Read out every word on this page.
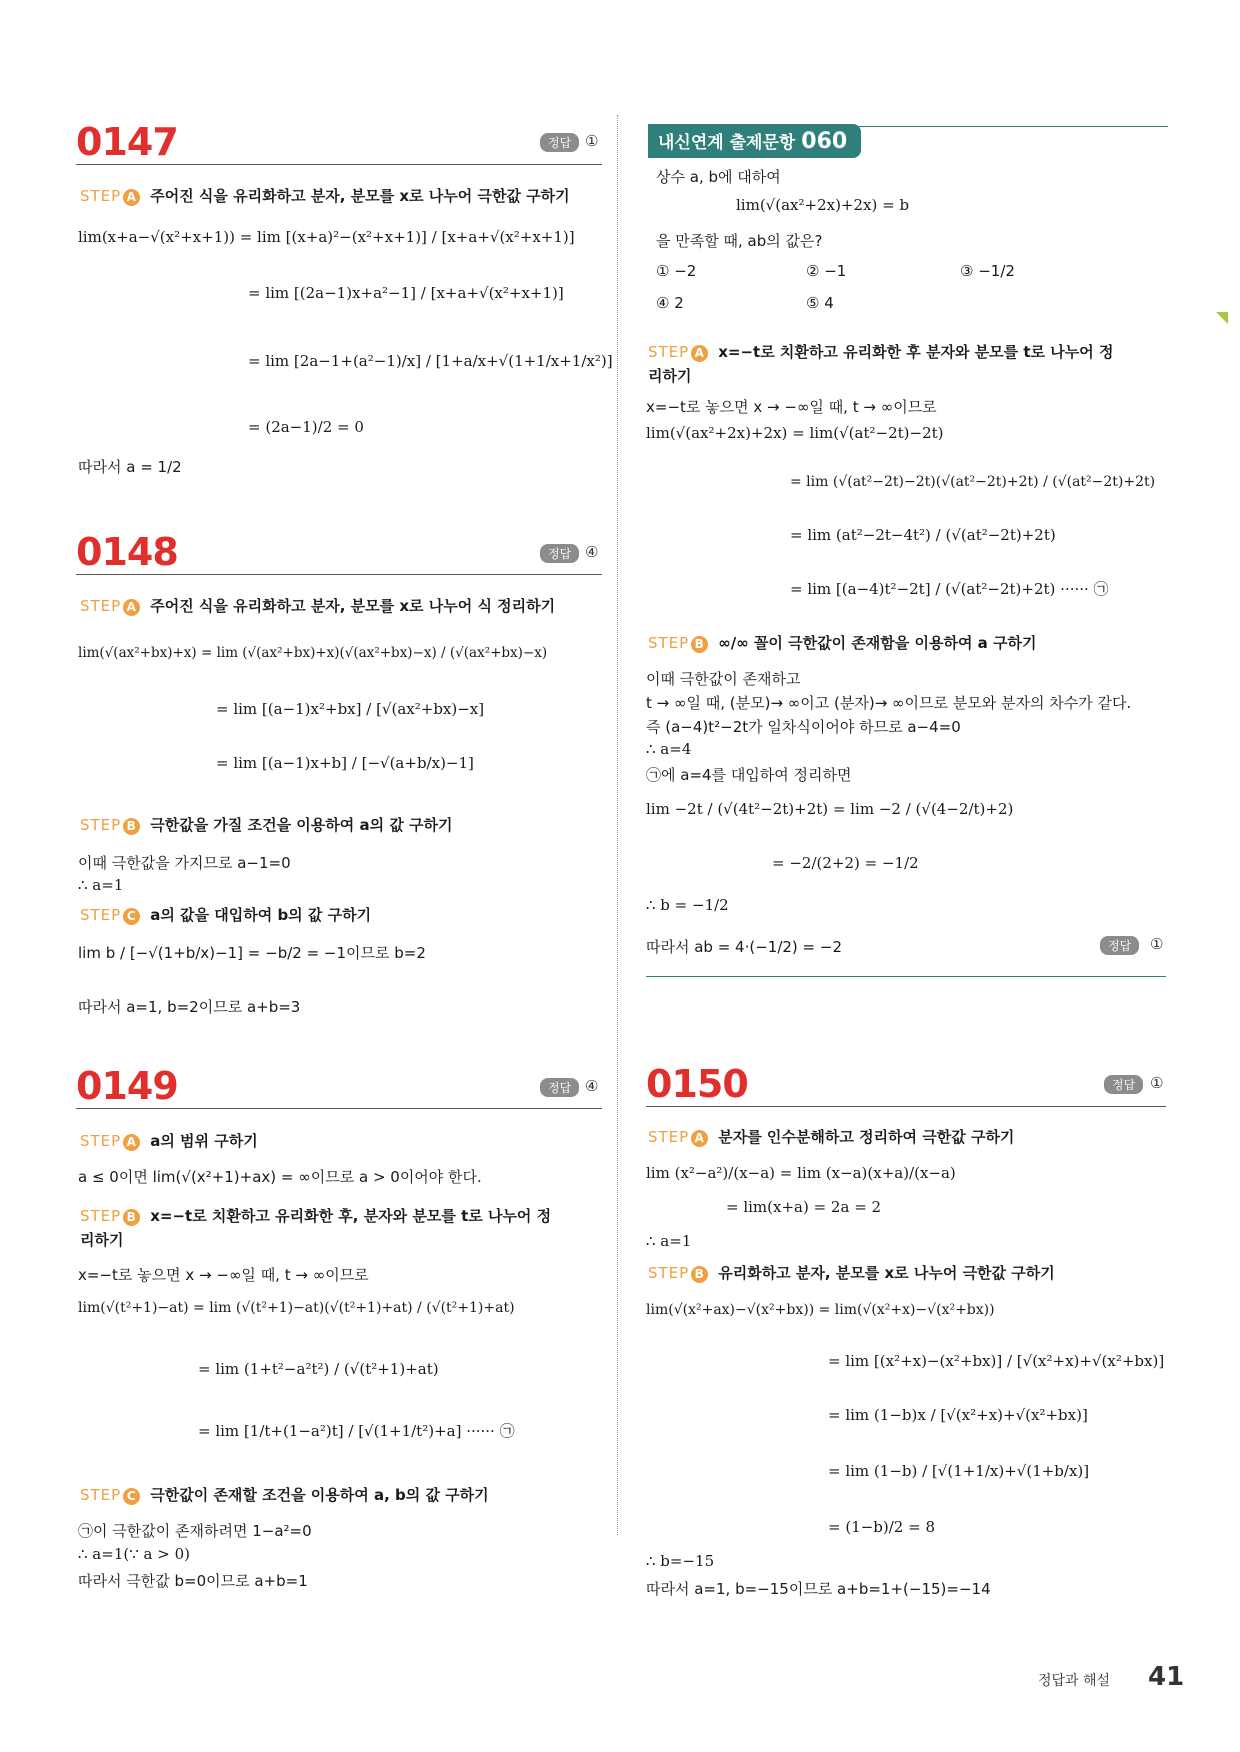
0147	정답 ①
STEP A 주어진 식을 유리화하고 분자, 분모를 x로 나누어 극한값 구하기
lim(x+a−√(x²+x+1)) = lim [(x+a)²−(x²+x+1)] / [x+a+√(x²+x+1)]
= lim [(2a−1)x+a²−1] / [x+a+√(x²+x+1)]
= lim [2a−1+(a²−1)/x] / [1+a/x+√(1+1/x+1/x²)]
= (2a−1)/2 = 0
따라서 a = 1/2
0148	정답 ④
STEP A 주어진 식을 유리화하고 분자, 분모를 x로 나누어 식 정리하기
lim(√(ax²+bx)+x) = lim (√(ax²+bx)+x)(√(ax²+bx)−x) / (√(ax²+bx)−x)
= lim [(a−1)x²+bx] / [√(ax²+bx)−x]
= lim [(a−1)x+b] / [−√(a+b/x)−1]
STEP B 극한값을 가질 조건을 이용하여 a의 값 구하기
이때 극한값을 가지므로 a−1=0
∴ a=1
STEP C a의 값을 대입하여 b의 값 구하기
lim b / [−√(1+b/x)−1] = −b/2 = −1이므로 b=2
따라서 a=1, b=2이므로 a+b=3
0149	정답 ④
STEP A a의 범위 구하기
a ≤ 0이면 lim(√(x²+1)+ax) = ∞이므로 a > 0이어야 한다.
STEP B x=−t로 치환하고 유리화한 후, 분자와 분모를 t로 나누어 정리하기
x=−t로 놓으면 x → −∞일 때, t → ∞이므로
lim(√(t²+1)−at) = lim (√(t²+1)−at)(√(t²+1)+at) / (√(t²+1)+at)
= lim (1+t²−a²t²) / (√(t²+1)+at)
= lim [1/t+(1−a²)t] / [√(1+1/t²)+a] ······ ㉠
STEP C 극한값이 존재할 조건을 이용하여 a, b의 값 구하기
㉠이 극한값이 존재하려면 1−a²=0
∴ a=1(∵ a > 0)
따라서 극한값 b=0이므로 a+b=1
내신연계 출제문항 060
상수 a, b에 대하여
lim(√(ax²+2x)+2x) = b
을 만족할 때, ab의 값은?
① −2	② −1	③ −1/2
④ 2	⑤ 4
STEP A x=−t로 치환하고 유리화한 후 분자와 분모를 t로 나누어 정리하기
x=−t로 놓으면 x → −∞일 때, t → ∞이므로
lim(√(ax²+2x)+2x) = lim(√(at²−2t)−2t)
= lim (√(at²−2t)−2t)(√(at²−2t)+2t) / (√(at²−2t)+2t)
= lim (at²−2t−4t²) / (√(at²−2t)+2t)
= lim [(a−4)t²−2t] / (√(at²−2t)+2t) ······ ㉠
STEP B ∞/∞ 꼴이 극한값이 존재함을 이용하여 a 구하기
이때 극한값이 존재하고
t → ∞일 때, (분모)→ ∞이고 (분자)→ ∞이므로 분모와 분자의 차수가 같다.
즉 (a−4)t²−2t가 일차식이어야 하므로 a−4=0
∴ a=4
㉠에 a=4를 대입하여 정리하면
lim −2t / (√(4t²−2t)+2t) = lim −2 / (√(4−2/t)+2)
= −2/(2+2) = −1/2
∴ b = −1/2
따라서 ab = 4·(−1/2) = −2	정답	①
0150	정답 ①
STEP A 분자를 인수분해하고 정리하여 극한값 구하기
lim (x²−a²)/(x−a) = lim (x−a)(x+a)/(x−a)
= lim(x+a) = 2a = 2
∴ a=1
STEP B 유리화하고 분자, 분모를 x로 나누어 극한값 구하기
lim(√(x²+ax)−√(x²+bx)) = lim(√(x²+x)−√(x²+bx))
= lim [(x²+x)−(x²+bx)] / [√(x²+x)+√(x²+bx)]
= lim (1−b)x / [√(x²+x)+√(x²+bx)]
= lim (1−b) / [√(1+1/x)+√(1+b/x)]
= (1−b)/2 = 8
∴ b=−15
따라서 a=1, b=−15이므로 a+b=1+(−15)=−14
정답과 해설 41
